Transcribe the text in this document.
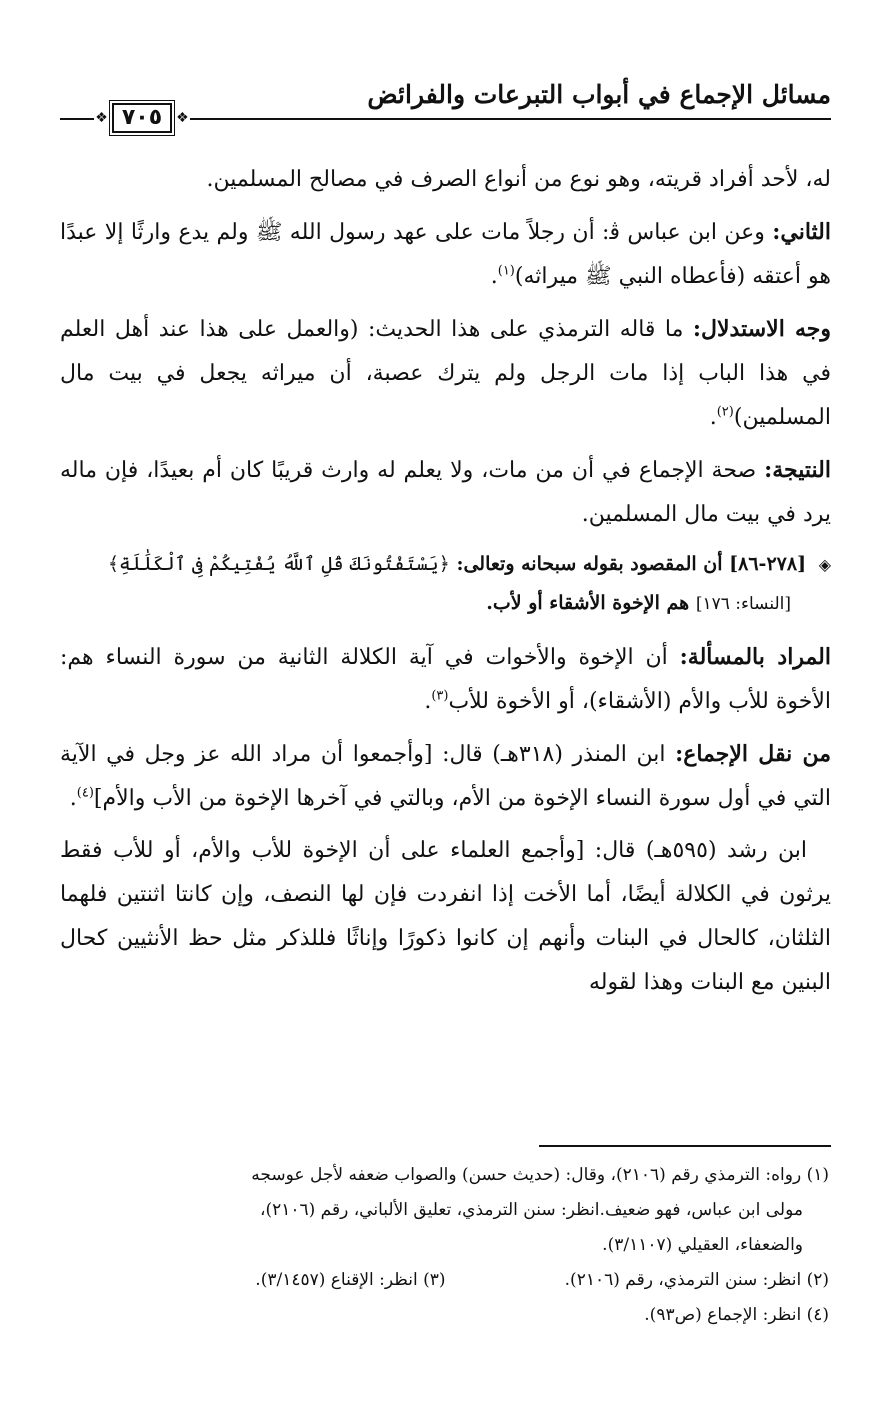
مسائل الإجماع في أبواب التبرعات والفرائض
❖ ٧٠٥	❖

له، لأحد أفراد قريته، وهو نوع من أنواع الصرف في مصالح المسلمين.

الثاني: وعن ابن عباس ﭬ: أن رجلاً مات على عهد رسول الله ﷺ ولم يدع وارثًا إلا عبدًا هو أعتقه (فأعطاه النبي ﷺ ميراثه)$^{(١)}$.

وجه الاستدلال: ما قاله الترمذي على هذا الحديث: (والعمل على هذا عند أهل العلم في هذا الباب إذا مات الرجل ولم يترك عصبة، أن ميراثه يجعل في بيت مال المسلمين)$^{(٢)}$.

النتيجة: صحة الإجماع في أن من مات، ولا يعلم له وارث قريبًا كان أم بعيدًا، فإن ماله يرد في بيت مال المسلمين.

◈ [٢٧٨-٨٦] أن المقصود بقوله سبحانه وتعالى: ﴿يَسْتَفْتُونَكَ قُلِ ٱللَّهُ يُفْتِيكُمْ فِى ٱلْكَلَٰلَةِ﴾
[النساء: ١٧٦] هم الإخوة الأشقاء أو لأب.

المراد بالمسألة: أن الإخوة والأخوات في آية الكلالة الثانية من سورة النساء هم: الأخوة للأب والأم (الأشقاء)، أو الأخوة للأب$^{(٣)}$.

من نقل الإجماع: ابن المنذر (٣١٨هـ) قال: [وأجمعوا أن مراد الله عز وجل في الآية التي في أول سورة النساء الإخوة من الأم، وبالتي في آخرها الإخوة من الأب والأم]$^{(٤)}$.

ابن رشد (٥٩٥هـ) قال: [وأجمع العلماء على أن الإخوة للأب والأم، أو للأب فقط يرثون في الكلالة أيضًا، أما الأخت إذا انفردت فإن لها النصف، وإن كانتا اثنتين فلهما الثلثان، كالحال في البنات وأنهم إن كانوا ذكورًا وإناثًا فللذكر مثل حظ الأنثيين كحال البنين مع البنات وهذا لقوله

(١) رواه: الترمذي رقم (٢١٠٦)، وقال: (حديث حسن) والصواب ضعفه لأجل عوسجه
مولى ابن عباس، فهو ضعيف.انظر: سنن الترمذي، تعليق الألباني، رقم (٢١٠٦)،
والضعفاء، العقيلي (٣/١١٠٧).
(٢) انظر: سنن الترمذي، رقم (٢١٠٦).
(٣) انظر: الإقناع (٣/١٤٥٧).
(٤) انظر: الإجماع (ص٩٣).
